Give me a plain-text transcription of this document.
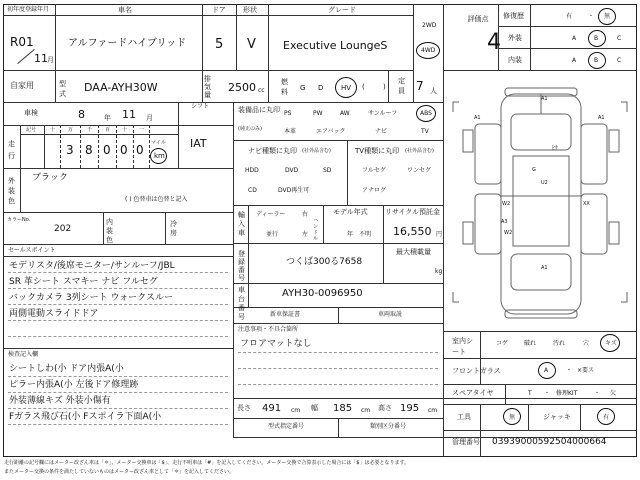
初年度登録年月	車名	ドア 形状	グレード
R01
11 月
アルファードハイブリッド 5 V Executive LoungeS
2WD
4WD
自家用	型式 DAA-AYH30W
排気量
2500 cc
燃料 G D	HV (	)
定員 7 人
車検	8	年 11 月
シフト
IAT
走行
記号	十	万	千	百 十 一
3 8 0 0 0 マイル
km
外装色
ブラック
( ) 色替車は色替と記入
カラーNo.
202
内装色
冷房
セールスポイント
モデリスタ/後席モニター/サンルーフ/JBL
SR 革シート スマキー ナビ フルセグ
バックカメラ 3列シート ウォークスルー
両側電動スライドドア
検査記入欄
シートしわ(小 ドア内張A(小
ピラー内張A(小 左後ドア修理跡
外装薄線キズ 外装小傷有
Fガラス飛び石(小 Fスポイラ下面A(小
装備品に丸印
(純正のみ)
PS	PW	AW	サンルーフ	ABS
本革	エアバック	ナビ	TV
ナビ種類に丸印 (社外品含む)
HDD	DVD	SD
CD	DVD再生可
TV種類に丸印 (社外品含む)
フルセグ	ワンセグ
アナログ
輸入車
ディーラー
並行
右
左
ハンドル
モデル年式
年　不明
リサイクル預託金
16,550 円
登録番号
つくば300る7658
最大積載量
kg
車台番号
AYH30-0096950
新車保証書	車両取説
注意事項・不具合箇所
フロアマットなし
長さ 491 cm 幅 185 cm 高さ 195 cm
型式指定番号	類別区分番号
評価点
4
修復歴	有	・ 無
外装	A	B	C
内装	A	B	C
A1
A1	A1
ﾋｹ
G
U2
W2	XX
W2
A3
A1
室内シート
コゲ	破れ	汚れ	穴	キズ
フロントガラス	A	・ ×要ス
スペアタイヤ	T ・ 修理KIT	・ 欠
工具	無	ジャッキ	有
管理番号 03939000592504000664
走行距離の記号欄にはメーター改ざん車は「＊」、メーター交換車は「$」、走行不明車は「#」を記入してください。メーター交換で合算表示した場合には「$」は必要となります。
またメーター交換の条件を満たしていないものはメーター改ざん車として「＊」を記入してください。
